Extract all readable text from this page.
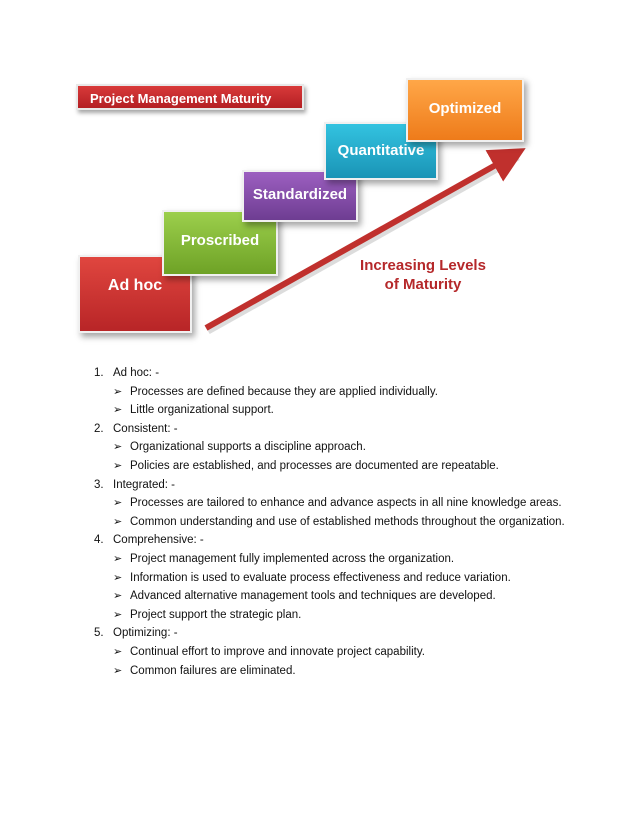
Project Management Maturity
Ad hoc
Proscribed
Standardized
Quantitative
Optimized
Increasing Levels
of Maturity
1. Ad hoc: -
➢ Processes are defined because they are applied individually.
➢ Little organizational support.
2. Consistent: -
➢ Organizational supports a discipline approach.
➢ Policies are established, and processes are documented are repeatable.
3. Integrated: -
➢ Processes are tailored to enhance and advance aspects in all nine knowledge areas.
➢ Common understanding and use of established methods throughout the organization.
4. Comprehensive: -
➢ Project management fully implemented across the organization.
➢ Information is used to evaluate process effectiveness and reduce variation.
➢ Advanced alternative management tools and techniques are developed.
➢ Project support the strategic plan.
5. Optimizing: -
➢ Continual effort to improve and innovate project capability.
➢ Common failures are eliminated.
